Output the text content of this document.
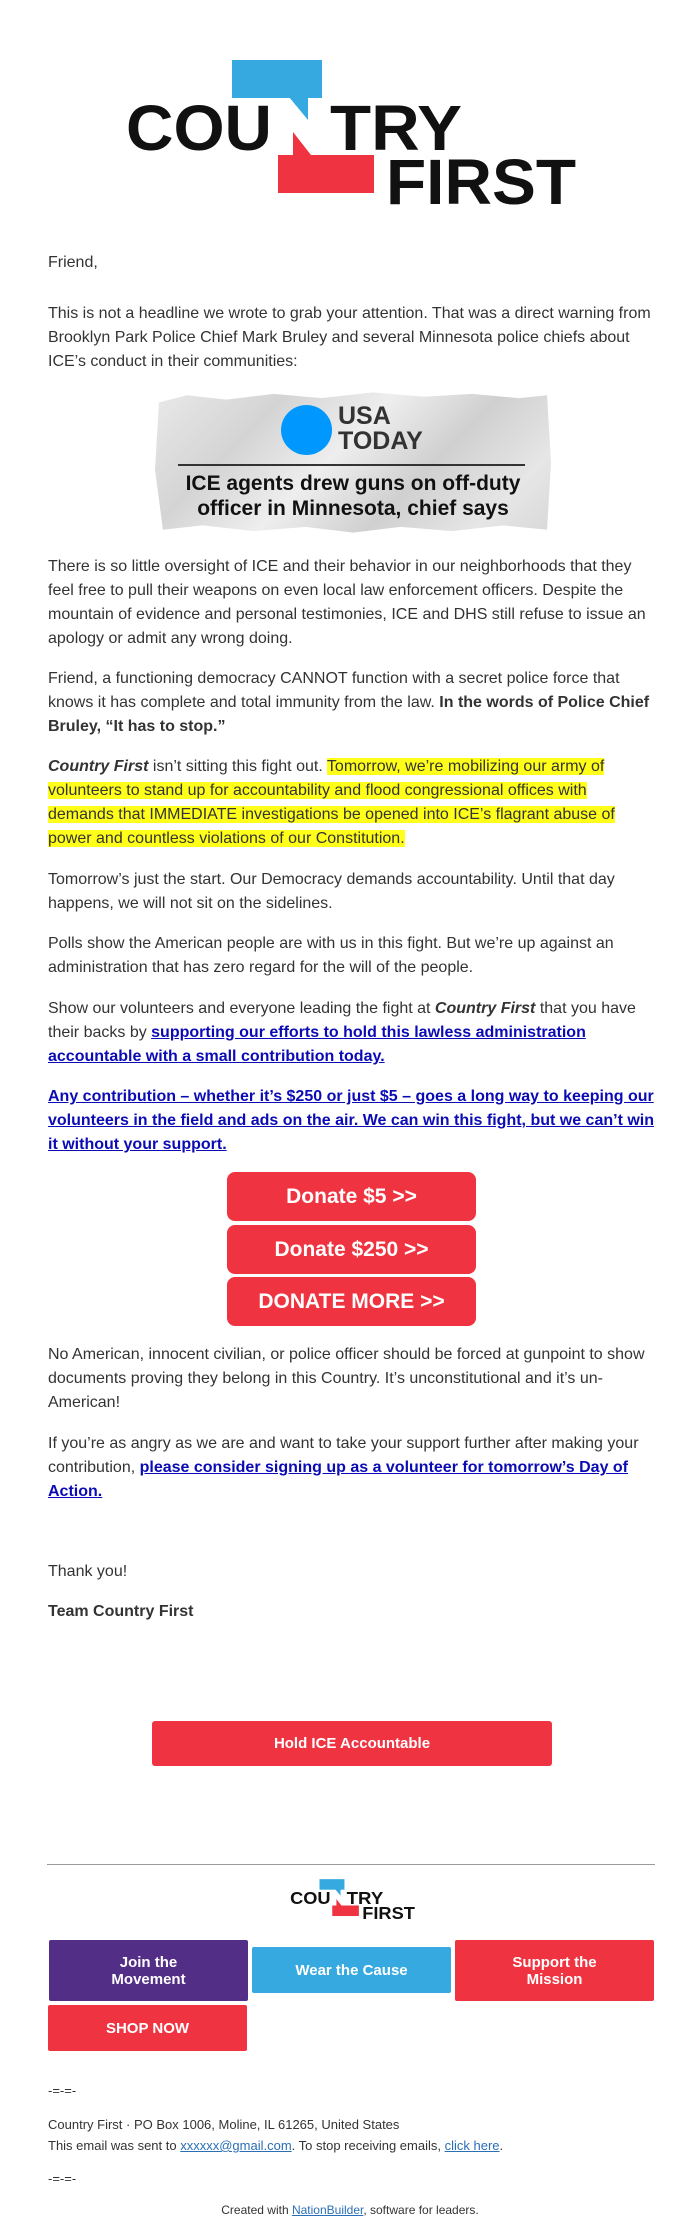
COU TRY
FIRST

Friend,

This is not a headline we wrote to grab your attention. That was a direct warning from Brooklyn Park Police Chief Mark Bruley and several Minnesota police chiefs about ICE’s conduct in their communities:

USA
TODAY
ICE agents drew guns on off-duty
officer in Minnesota, chief says

There is so little oversight of ICE and their behavior in our neighborhoods that they feel free to pull their weapons on even local law enforcement officers. Despite the mountain of evidence and personal testimonies, ICE and DHS still refuse to issue an apology or admit any wrong doing.

Friend, a functioning democracy CANNOT function with a secret police force that knows it has complete and total immunity from the law. In the words of Police Chief Bruley, “It has to stop.”

Country First isn’t sitting this fight out. Tomorrow, we’re mobilizing our army of volunteers to stand up for accountability and flood congressional offices with demands that IMMEDIATE investigations be opened into ICE’s flagrant abuse of power and countless violations of our Constitution.

Tomorrow’s just the start. Our Democracy demands accountability. Until that day happens, we will not sit on the sidelines.

Polls show the American people are with us in this fight. But we’re up against an administration that has zero regard for the will of the people.

Show our volunteers and everyone leading the fight at Country First that you have their backs by supporting our efforts to hold this lawless administration accountable with a small contribution today.

Any contribution – whether it’s $250 or just $5 – goes a long way to keeping our volunteers in the field and ads on the air. We can win this fight, but we can’t win it without your support.

Donate $5 >>
Donate $250 >>
DONATE MORE >>

No American, innocent civilian, or police officer should be forced at gunpoint to show documents proving they belong in this Country. It’s unconstitutional and it’s un-American!

If you’re as angry as we are and want to take your support further after making your contribution, please consider signing up as a volunteer for tomorrow’s Day of Action.

Thank you!

Team Country First

Hold ICE Accountable
COU TRY
FIRST
Join the Movement
Wear the Cause	Support the Mission
SHOP NOW
-=-=-
Country First · PO Box 1006, Moline, IL 61265, United States
This email was sent to xxxxxx@gmail.com. To stop receiving emails, click here.
-=-=-
Created with NationBuilder, software for leaders.
